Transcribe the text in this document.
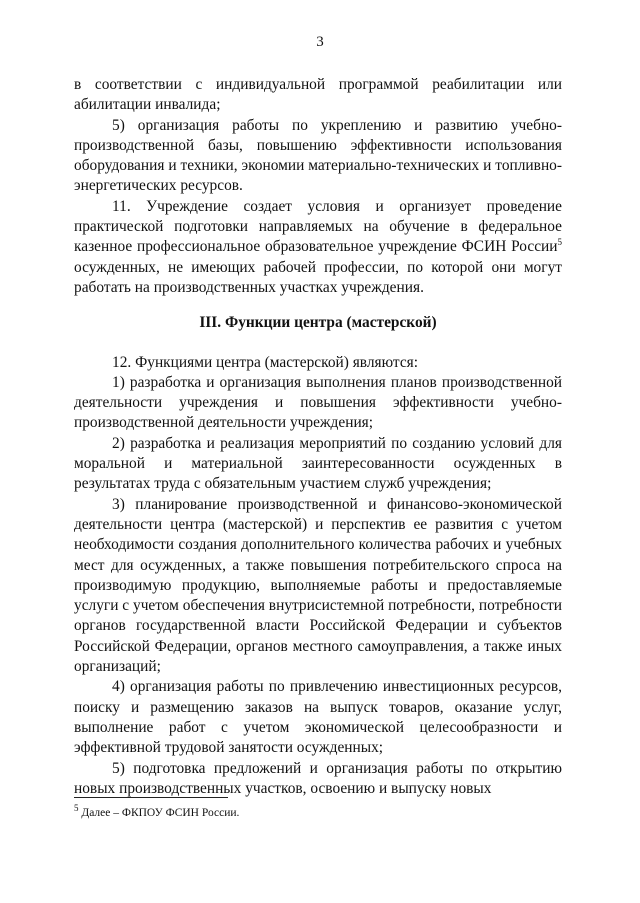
3

в соответствии с индивидуальной программой реабилитации или абилитации инвалида;

5) организация работы по укреплению и развитию учебно-производственной базы, повышению эффективности использования оборудования и техники, экономии материально-технических и топливно-энергетических ресурсов.

11. Учреждение создает условия и организует проведение практической подготовки направляемых на обучение в федеральное казенное профессиональное образовательное учреждение ФСИН России$^5$ осужденных, не имеющих рабочей профессии, по которой они могут работать на производственных участках учреждения.

III. Функции центра (мастерской)

12. Функциями центра (мастерской) являются:

1) разработка и организация выполнения планов производственной деятельности учреждения и повышения эффективности учебно-производственной деятельности учреждения;

2) разработка и реализация мероприятий по созданию условий для моральной и материальной заинтересованности осужденных в результатах труда с обязательным участием служб учреждения;

3) планирование производственной и финансово-экономической деятельности центра (мастерской) и перспектив ее развития с учетом необходимости создания дополнительного количества рабочих и учебных мест для осужденных, а также повышения потребительского спроса на производимую продукцию, выполняемые работы и предоставляемые услуги с учетом обеспечения внутрисистемной потребности, потребности органов государственной власти Российской Федерации и субъектов Российской Федерации, органов местного самоуправления, а также иных организаций;

4) организация работы по привлечению инвестиционных ресурсов, поиску и размещению заказов на выпуск товаров, оказание услуг, выполнение работ с учетом экономической целесообразности и эффективной трудовой занятости осужденных;

5) подготовка предложений и организация работы по открытию новых производственных участков, освоению и выпуску новых

$^5$ Далее – ФКПОУ ФСИН России.
